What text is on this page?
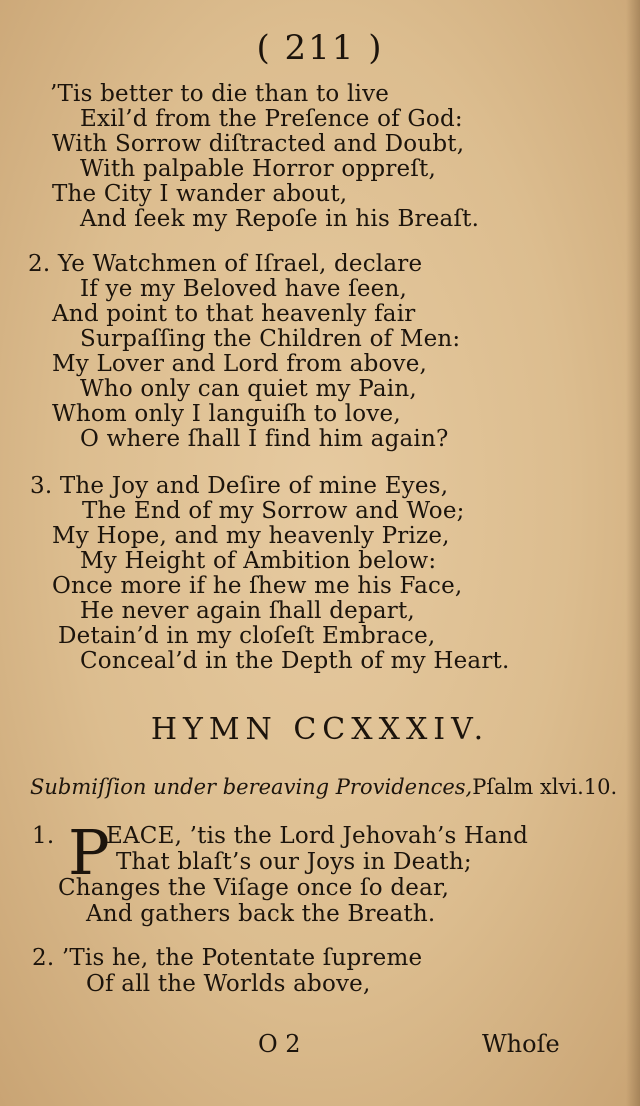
( 211 )
’Tis better to die than to live
Exil’d from the Preſence of God:
With Sorrow diſtracted and Doubt,
With palpable Horror oppreſt,
The City I wander about,
And ſeek my Repoſe in his Breaſt.
2. Ye Watchmen of Iſrael, declare
If ye my Beloved have ſeen,
And point to that heavenly fair
Surpaſſing the Children of Men:
My Lover and Lord from above,
Who only can quiet my Pain,
Whom only I languiſh to love,
O where ſhall I find him again?
3. The Joy and Deſire of mine Eyes,
The End of my Sorrow and Woe;
My Hope, and my heavenly Prize,
My Height of Ambition below:
Once more if he ſhew me his Face,
He never again ſhall depart,
Detain’d in my cloſeſt Embrace,
Conceal’d in the Depth of my Heart.
HYMN CCXXXIV.
Submiſſion under bereaving Providences,Pſalm xlvi.10.
1. P
EACE, ’tis the Lord Jehovah’s Hand
That blaſt’s our Joys in Death;
Changes the Viſage once ſo dear,
And gathers back the Breath.
2. ’Tis he, the Potentate ſupreme
Of all the Worlds above,
O 2	Whoſe
